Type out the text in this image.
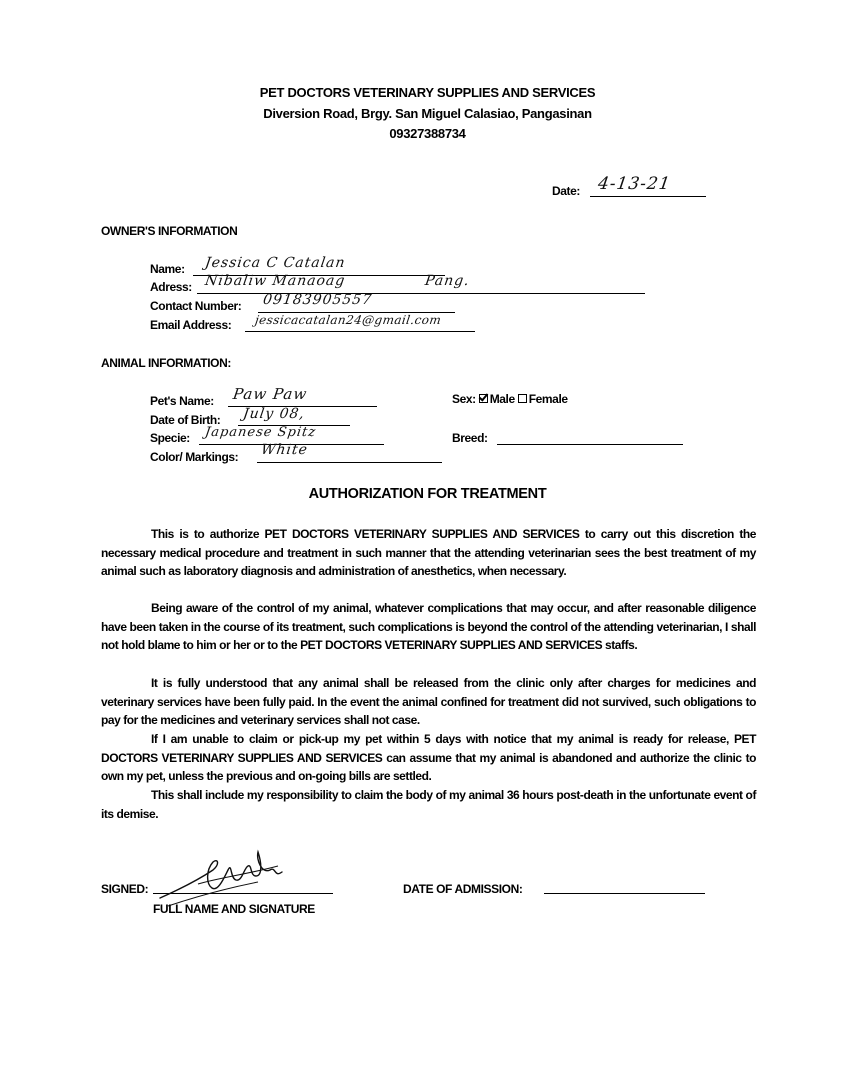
PET DOCTORS VETERINARY SUPPLIES AND SERVICES
Diversion Road, Brgy. San Miguel Calasiao, Pangasinan
09327388734
Date: 4-13-21
OWNER'S INFORMATION
Name: Jessica C Catalan
Adress: Nibaliw Manaoag	Pang.
Contact Number: 09183905557
Email Address: jessicacatalan24@gmail.com
ANIMAL INFORMATION:
Pet's Name: Paw Paw
Date of Birth: July 08,
Specie: Japanese Spitz
Color/ Markings: White
Sex: Male Female
Breed:
AUTHORIZATION FOR TREATMENT

This is to authorize PET DOCTORS VETERINARY SUPPLIES AND SERVICES to carry out this discretion the necessary medical procedure and treatment in such manner that the attending veterinarian sees the best treatment of my animal such as laboratory diagnosis and administration of anesthetics, when necessary.

Being aware of the control of my animal, whatever complications that may occur, and after reasonable diligence have been taken in the course of its treatment, such complications is beyond the control of the attending veterinarian, I shall not hold blame to him or her or to the PET DOCTORS VETERINARY SUPPLIES AND SERVICES staffs.

It is fully understood that any animal shall be released from the clinic only after charges for medicines and veterinary services have been fully paid. In the event the animal confined for treatment did not survived, such obligations to pay for the medicines and veterinary services shall not case.

If I am unable to claim or pick-up my pet within 5 days with notice that my animal is ready for release, PET DOCTORS VETERINARY SUPPLIES AND SERVICES can assume that my animal is abandoned and authorize the clinic to own my pet, unless the previous and on-going bills are settled.

This shall include my responsibility to claim the body of my animal 36 hours post-death in the unfortunate event of its demise.

SIGNED:
FULL NAME AND SIGNATURE
DATE OF ADMISSION:
